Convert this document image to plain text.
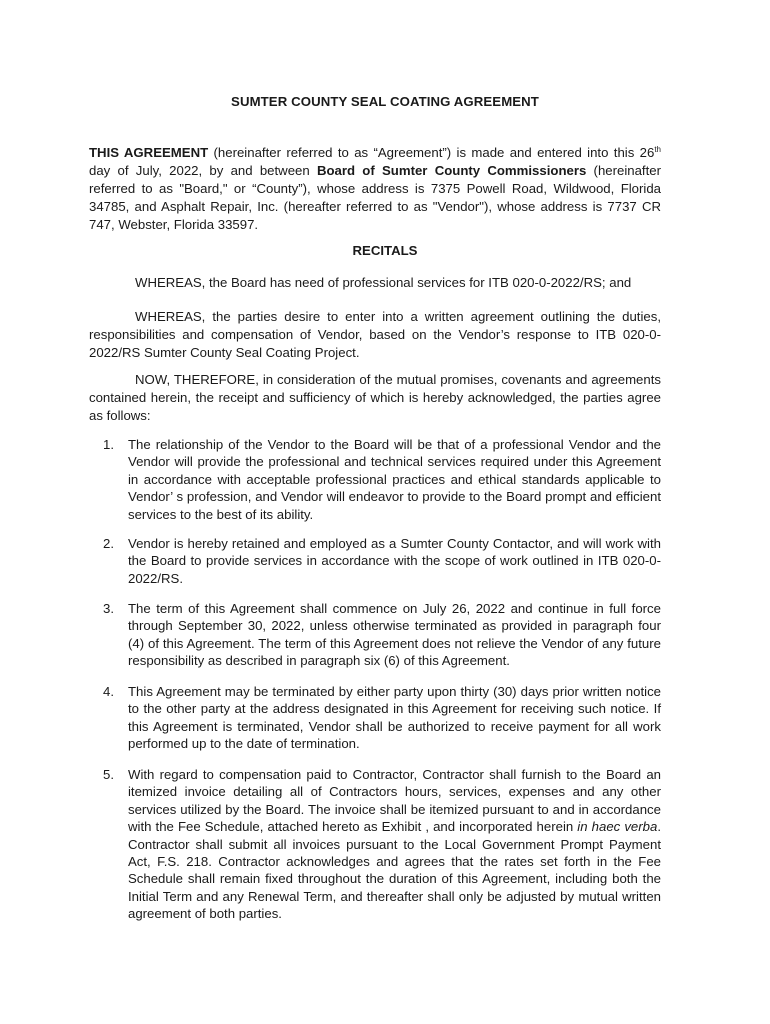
SUMTER COUNTY SEAL COATING AGREEMENT
THIS AGREEMENT (hereinafter referred to as “Agreement”) is made and entered into this 26th day of July, 2022, by and between Board of Sumter County Commissioners (hereinafter referred to as "Board," or “County”), whose address is 7375 Powell Road, Wildwood, Florida 34785, and Asphalt Repair, Inc. (hereafter referred to as "Vendor"), whose address is 7737 CR 747, Webster, Florida 33597.
RECITALS
WHEREAS, the Board has need of professional services for ITB 020-0-2022/RS; and
WHEREAS, the parties desire to enter into a written agreement outlining the duties, responsibilities and compensation of Vendor, based on the Vendor’s response to ITB 020-0-2022/RS Sumter County Seal Coating Project.
NOW, THEREFORE, in consideration of the mutual promises, covenants and agreements contained herein, the receipt and sufficiency of which is hereby acknowledged, the parties agree as follows:
1. The relationship of the Vendor to the Board will be that of a professional Vendor and the Vendor will provide the professional and technical services required under this Agreement in accordance with acceptable professional practices and ethical standards applicable to Vendor’ s profession, and Vendor will endeavor to provide to the Board prompt and efficient services to the best of its ability.
2. Vendor is hereby retained and employed as a Sumter County Contactor, and will work with the Board to provide services in accordance with the scope of work outlined in ITB 020-0-2022/RS.
3. The term of this Agreement shall commence on July 26, 2022 and continue in full force through September 30, 2022, unless otherwise terminated as provided in paragraph four (4) of this Agreement. The term of this Agreement does not relieve the Vendor of any future responsibility as described in paragraph six (6) of this Agreement.
4. This Agreement may be terminated by either party upon thirty (30) days prior written notice to the other party at the address designated in this Agreement for receiving such notice. If this Agreement is terminated, Vendor shall be authorized to receive payment for all work performed up to the date of termination.
5. With regard to compensation paid to Contractor, Contractor shall furnish to the Board an itemized invoice detailing all of Contractors hours, services, expenses and any other services utilized by the Board. The invoice shall be itemized pursuant to and in accordance with the Fee Schedule, attached hereto as Exhibit , and incorporated herein in haec verba. Contractor shall submit all invoices pursuant to the Local Government Prompt Payment Act, F.S. 218. Contractor acknowledges and agrees that the rates set forth in the Fee Schedule shall remain fixed throughout the duration of this Agreement, including both the Initial Term and any Renewal Term, and thereafter shall only be adjusted by mutual written agreement of both parties.
